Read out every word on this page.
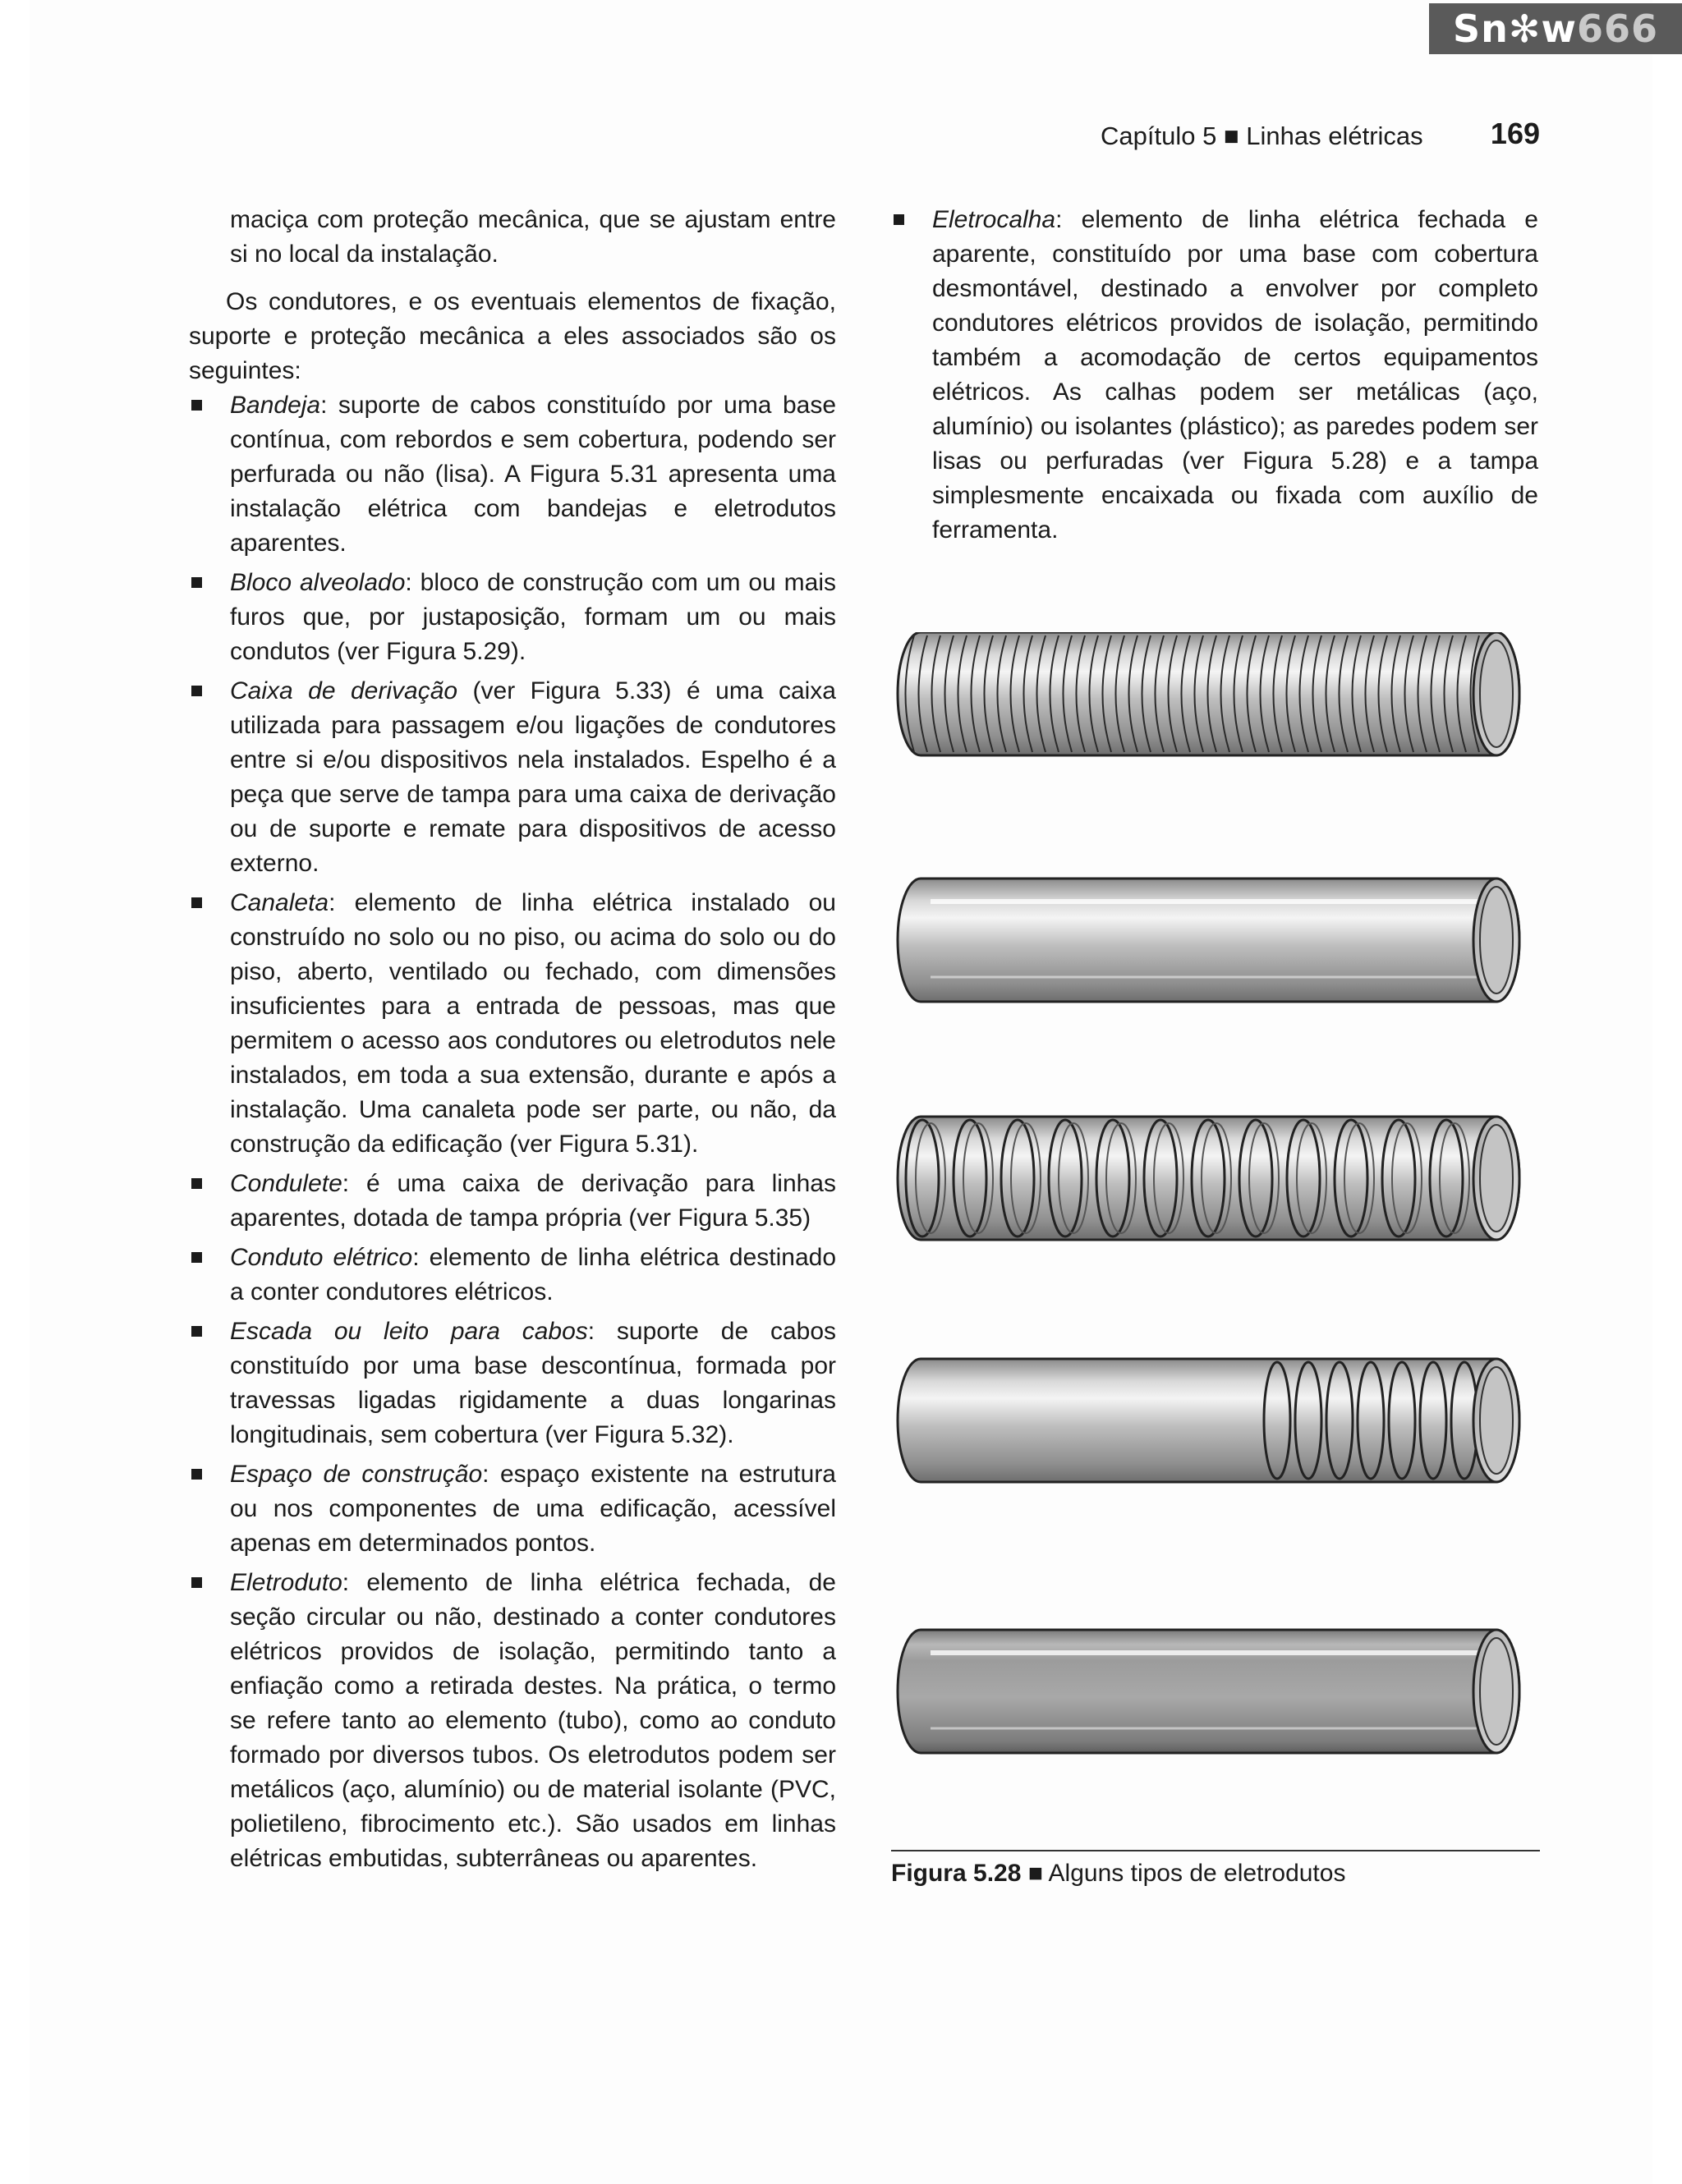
Sn✻w666
Capítulo 5 ■ Linhas elétricas 169

maciça com proteção mecânica, que se ajustam entre si no local da instalação.

Os condutores, e os eventuais elementos de fixação, suporte e proteção mecânica a eles associados são os seguintes:

Bandeja: suporte de cabos constituído por uma base contínua, com rebordos e sem cobertura, podendo ser perfurada ou não (lisa). A Figura 5.31 apresenta uma instalação elétrica com bandejas e eletrodutos aparentes.
Bloco alveolado: bloco de construção com um ou mais furos que, por justaposição, formam um ou mais condutos (ver Figura 5.29).
Caixa de derivação (ver Figura 5.33) é uma caixa utilizada para passagem e/ou ligações de condutores entre si e/ou dispositivos nela instalados. Espelho é a peça que serve de tampa para uma caixa de derivação ou de suporte e remate para dispositivos de acesso externo.
Canaleta: elemento de linha elétrica instalado ou construído no solo ou no piso, ou acima do solo ou do piso, aberto, ventilado ou fechado, com dimensões insuficientes para a entrada de pessoas, mas que permitem o acesso aos condutores ou eletrodutos nele instalados, em toda a sua extensão, durante e após a instalação. Uma canaleta pode ser parte, ou não, da construção da edificação (ver Figura 5.31).
Condulete: é uma caixa de derivação para linhas aparentes, dotada de tampa própria (ver Figura 5.35)
Conduto elétrico: elemento de linha elétrica destinado a conter condutores elétricos.
Escada ou leito para cabos: suporte de cabos constituído por uma base descontínua, formada por travessas ligadas rigidamente a duas longarinas longitudinais, sem cobertura (ver Figura 5.32).
Espaço de construção: espaço existente na estrutura ou nos componentes de uma edificação, acessível apenas em determinados pontos.
Eletroduto: elemento de linha elétrica fechada, de seção circular ou não, destinado a conter condutores elétricos providos de isolação, permitindo tanto a enfiação como a retirada destes. Na prática, o termo se refere tanto ao elemento (tubo), como ao conduto formado por diversos tubos. Os eletrodutos podem ser metálicos (aço, alumínio) ou de material isolante (PVC, polietileno, fibrocimento etc.). São usados em linhas elétricas embutidas, subterrâneas ou aparentes.
Eletrocalha: elemento de linha elétrica fechada e aparente, constituído por uma base com cobertura desmontável, destinado a envolver por completo condutores elétricos providos de isolação, permitindo também a acomodação de certos equipamentos elétricos. As calhas podem ser metálicas (aço, alumínio) ou isolantes (plástico); as paredes podem ser lisas ou perfuradas (ver Figura 5.28) e a tampa simplesmente encaixada ou fixada com auxílio de ferramenta.
Figura 5.28 ■ Alguns tipos de eletrodutos
